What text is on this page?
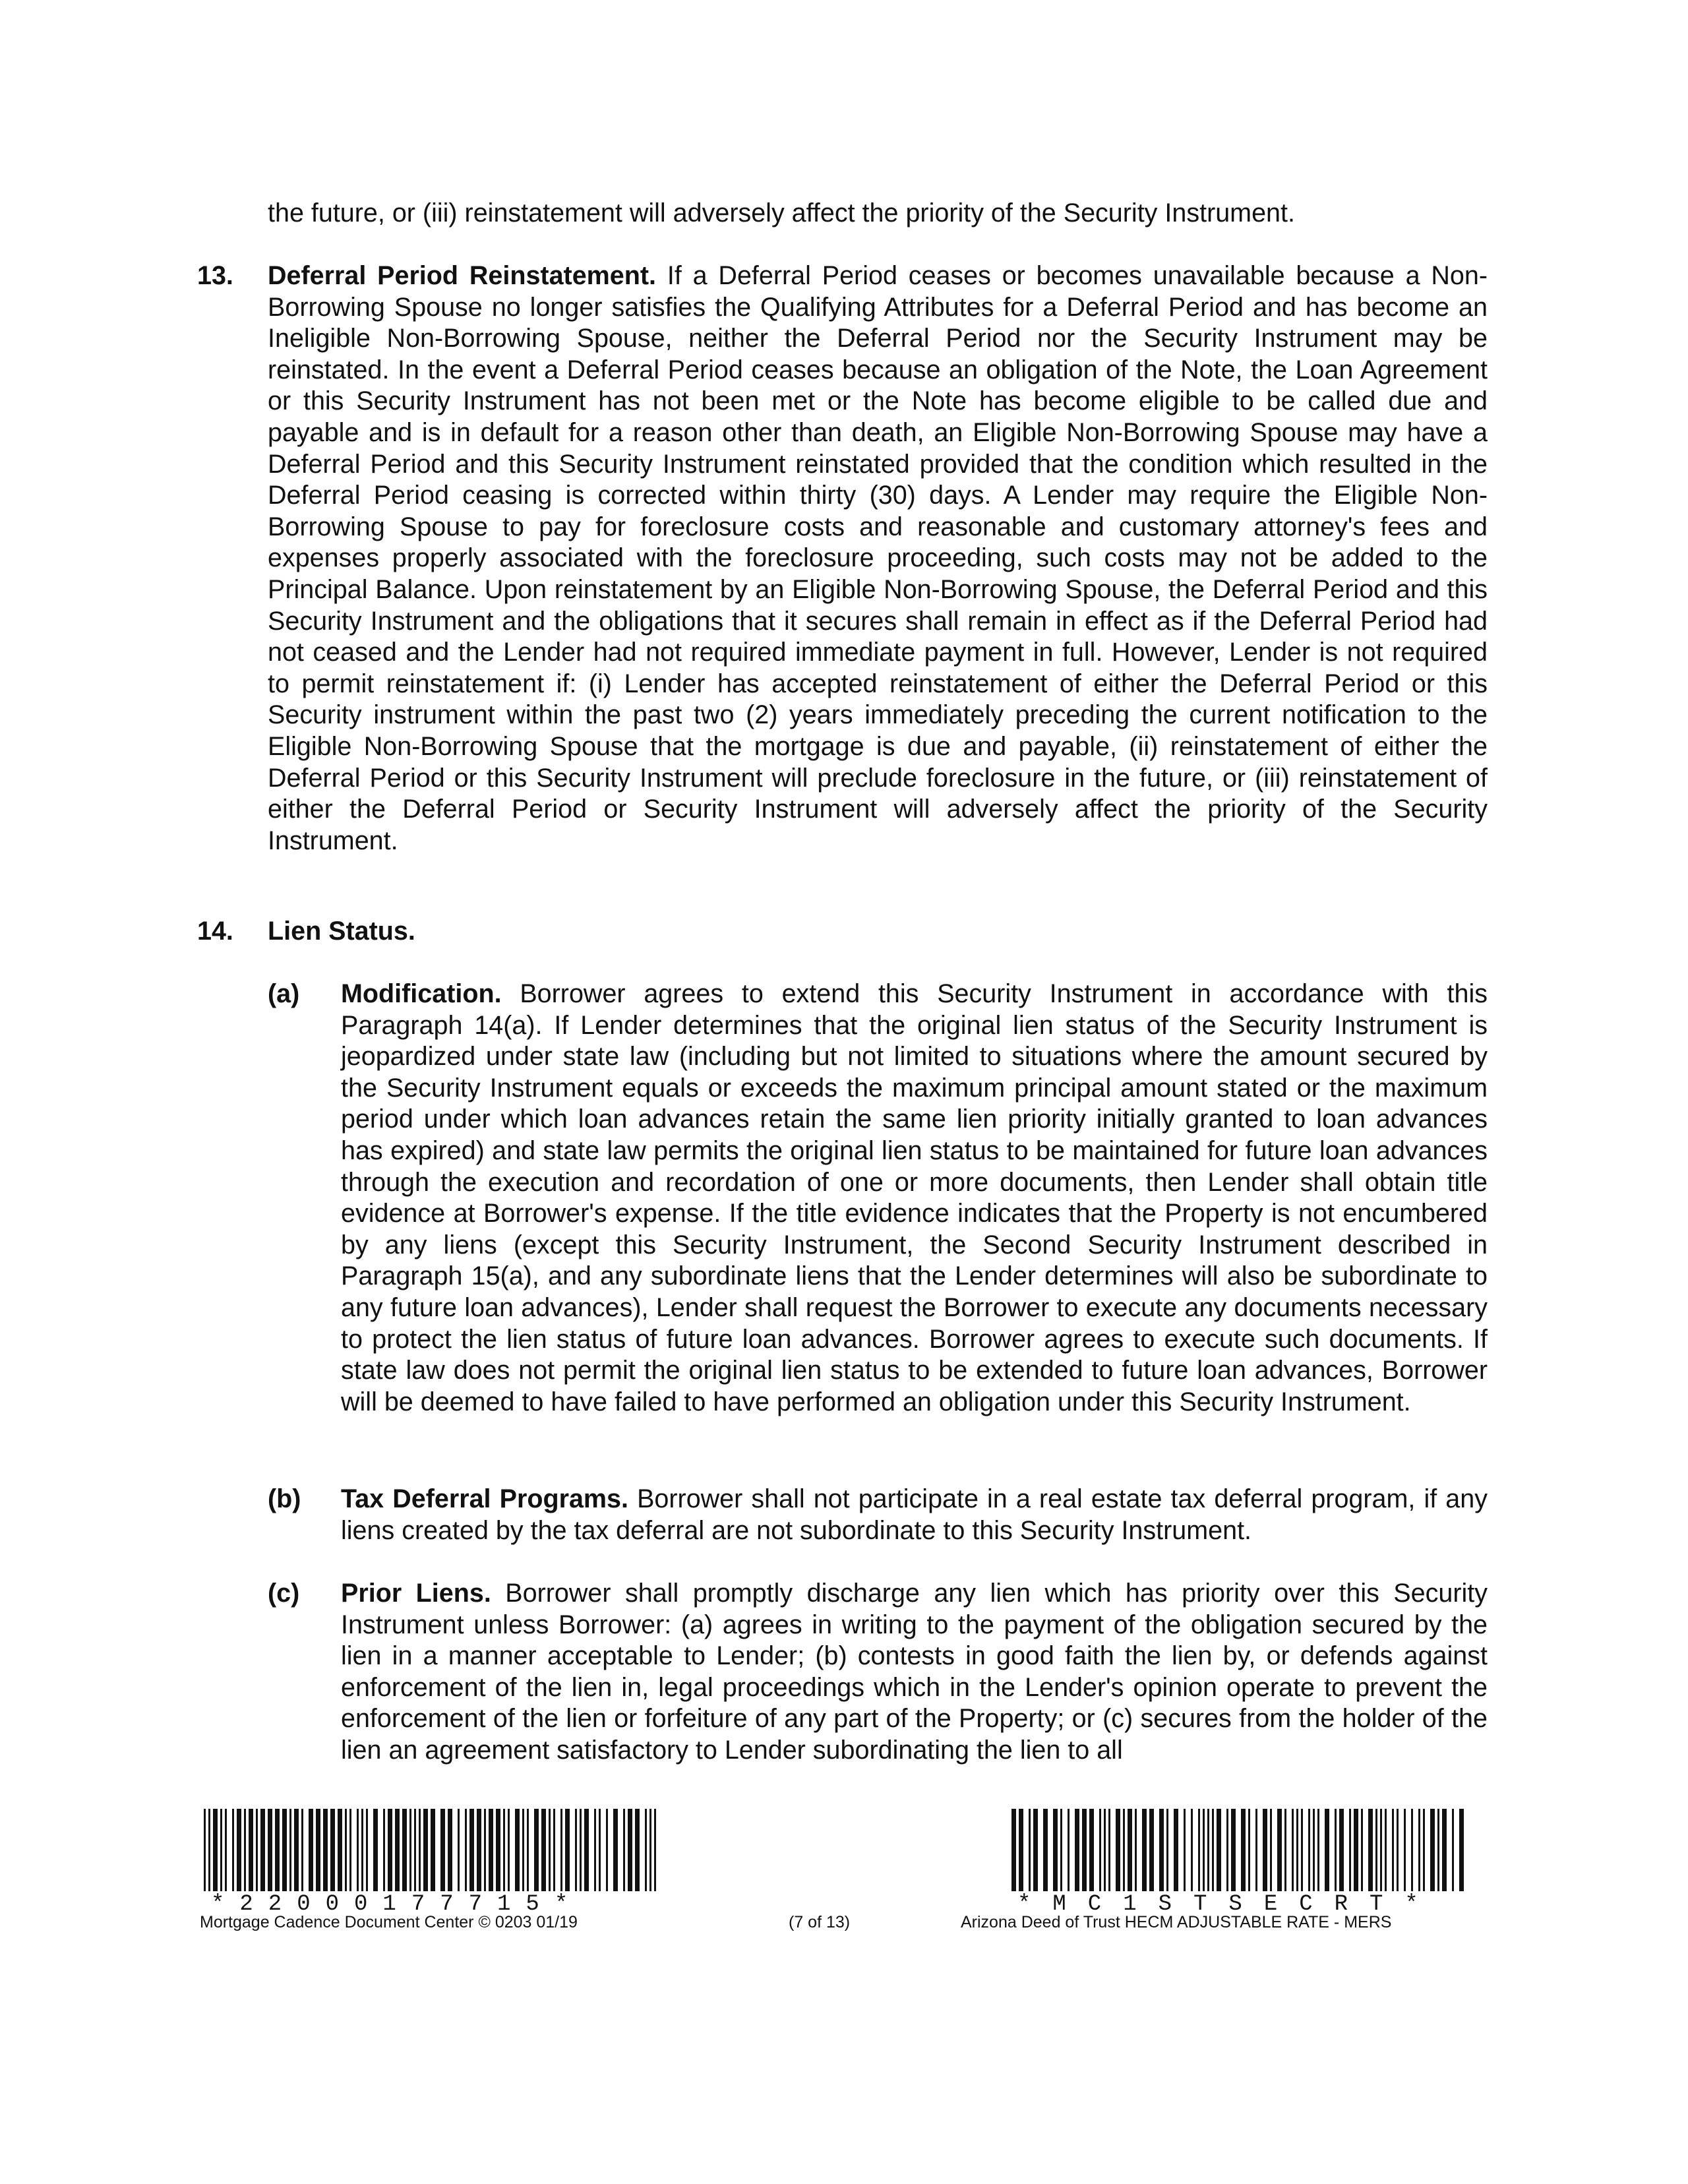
the future, or (iii) reinstatement will adversely affect the priority of the Security Instrument.

13. Deferral Period Reinstatement. If a Deferral Period ceases or becomes unavailable because a Non-Borrowing Spouse no longer satisfies the Qualifying Attributes for a Deferral Period and has become an Ineligible Non-Borrowing Spouse, neither the Deferral Period nor the Security Instrument may be reinstated. In the event a Deferral Period ceases because an obligation of the Note, the Loan Agreement or this Security Instrument has not been met or the Note has become eligible to be called due and payable and is in default for a reason other than death, an Eligible Non-Borrowing Spouse may have a Deferral Period and this Security Instrument reinstated provided that the condition which resulted in the Deferral Period ceasing is corrected within thirty (30) days. A Lender may require the Eligible Non-Borrowing Spouse to pay for foreclosure costs and reasonable and customary attorney's fees and expenses properly associated with the foreclosure proceeding, such costs may not be added to the Principal Balance. Upon reinstatement by an Eligible Non-Borrowing Spouse, the Deferral Period and this Security Instrument and the obligations that it secures shall remain in effect as if the Deferral Period had not ceased and the Lender had not required immediate payment in full. However, Lender is not required to permit reinstatement if: (i) Lender has accepted reinstatement of either the Deferral Period or this Security instrument within the past two (2) years immediately preceding the current notification to the Eligible Non-Borrowing Spouse that the mortgage is due and payable, (ii) reinstatement of either the Deferral Period or this Security Instrument will preclude foreclosure in the future, or (iii) reinstatement of either the Deferral Period or Security Instrument will adversely affect the priority of the Security Instrument.

14. Lien Status.
(a) Modification. Borrower agrees to extend this Security Instrument in accordance with this Paragraph 14(a). If Lender determines that the original lien status of the Security Instrument is jeopardized under state law (including but not limited to situations where the amount secured by the Security Instrument equals or exceeds the maximum principal amount stated or the maximum period under which loan advances retain the same lien priority initially granted to loan advances has expired) and state law permits the original lien status to be maintained for future loan advances through the execution and recordation of one or more documents, then Lender shall obtain title evidence at Borrower's expense. If the title evidence indicates that the Property is not encumbered by any liens (except this Security Instrument, the Second Security Instrument described in Paragraph 15(a), and any subordinate liens that the Lender determines will also be subordinate to any future loan advances), Lender shall request the Borrower to execute any documents necessary to protect the lien status of future loan advances. Borrower agrees to execute such documents. If state law does not permit the original lien status to be extended to future loan advances, Borrower will be deemed to have failed to have performed an obligation under this Security Instrument.

(b) Tax Deferral Programs. Borrower shall not participate in a real estate tax deferral program, if any liens created by the tax deferral are not subordinate to this Security Instrument.

(c) Prior Liens. Borrower shall promptly discharge any lien which has priority over this Security Instrument unless Borrower: (a) agrees in writing to the payment of the obligation secured by the lien in a manner acceptable to Lender; (b) contests in good faith the lien by, or defends against enforcement of the lien in, legal proceedings which in the Lender's opinion operate to prevent the enforcement of the lien or forfeiture of any part of the Property; or (c) secures from the holder of the lien an agreement satisfactory to Lender subordinating the lien to all

*22000177715*	*MC1STSECRT*
Mortgage Cadence Document Center © 0203 01/19	(7 of 13)	Arizona Deed of Trust HECM ADJUSTABLE RATE - MERS
